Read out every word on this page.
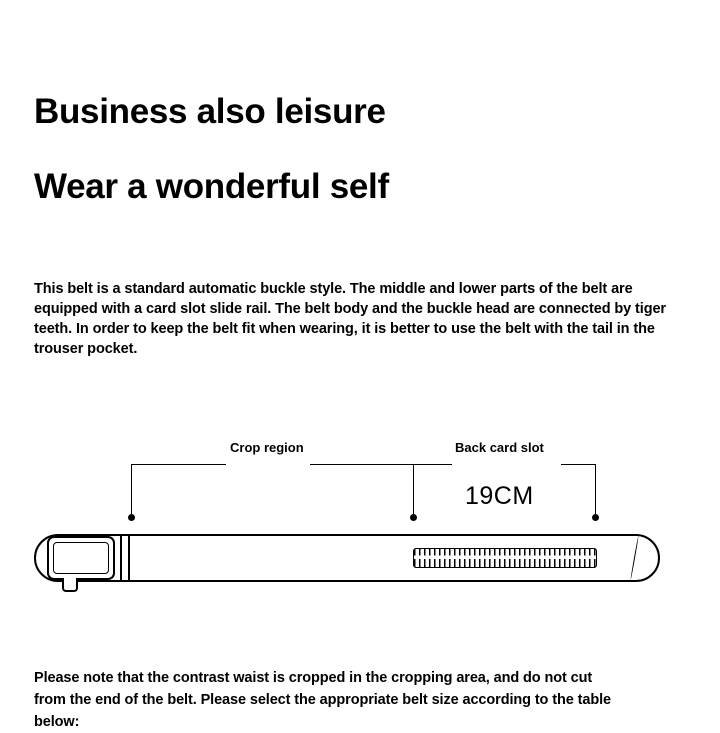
Business also leisure
Wear a wonderful self

This belt is a standard automatic buckle style. The middle and lower parts of the belt are equipped with a card slot slide rail. The belt body and the buckle head are connected by tiger teeth. In order to keep the belt fit when wearing, it is better to use the belt with the tail in the trouser pocket.

Crop region	Back card slot
19CM

Please note that the contrast waist is cropped in the cropping area, and do not cut from the end of the belt. Please select the appropriate belt size according to the table below:
